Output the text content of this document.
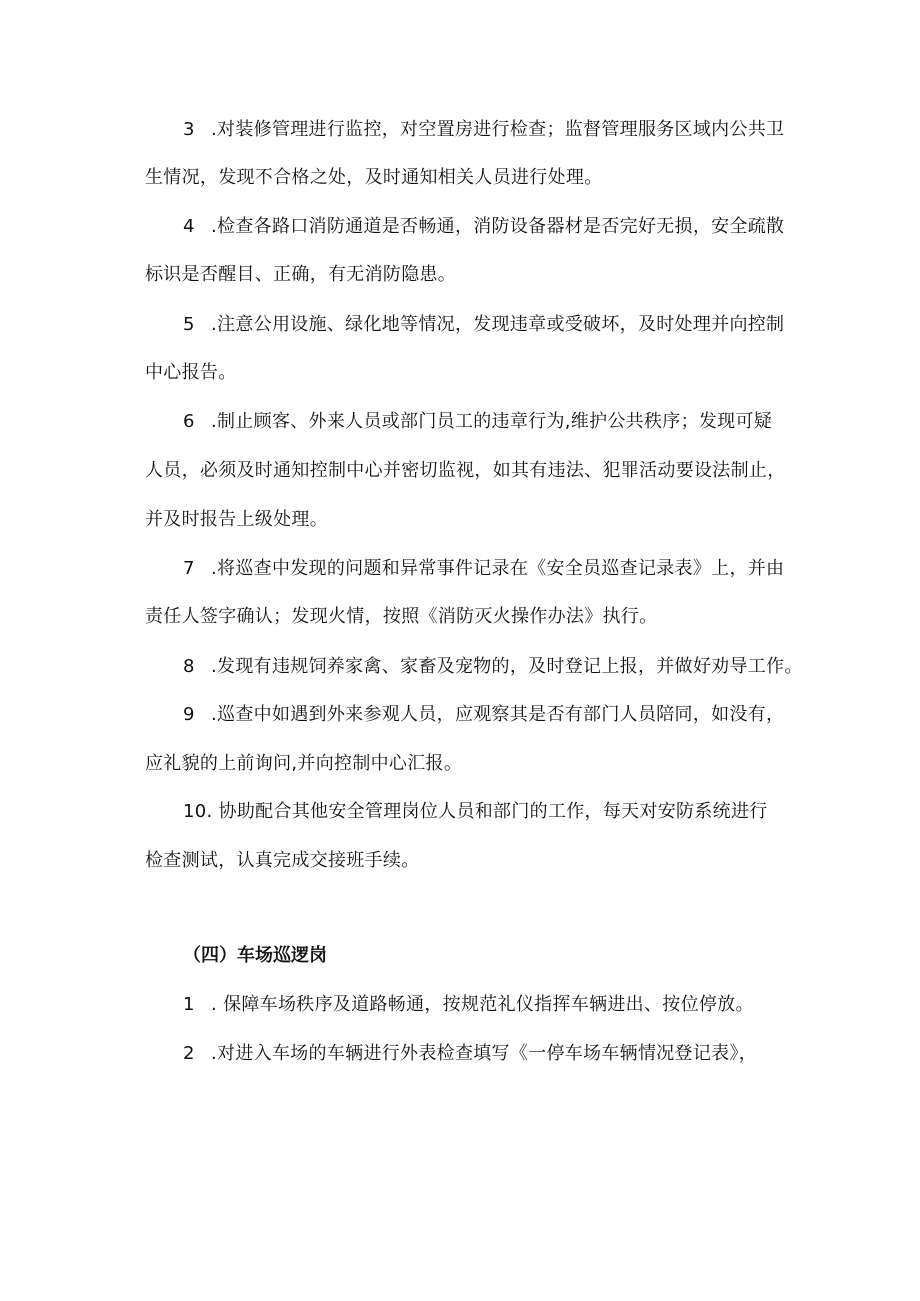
3 .对装修管理进行监控，对空置房进行检查；监督管理服务区域内公共卫
生情况，发现不合格之处，及时通知相关人员进行处理。
4 .检查各路口消防通道是否畅通，消防设备器材是否完好无损，安全疏散
标识是否醒目、正确，有无消防隐患。
5 .注意公用设施、绿化地等情况，发现违章或受破坏，及时处理并向控制
中心报告。
6 .制止顾客、外来人员或部门员工的违章行为,维护公共秩序；发现可疑
人员，必须及时通知控制中心并密切监视，如其有违法、犯罪活动要设法制止，
并及时报告上级处理。
7 .将巡查中发现的问题和异常事件记录在《安全员巡查记录表》上，并由
责任人签字确认；发现火情，按照《消防灭火操作办法》执行。
8 .发现有违规饲养家禽、家畜及宠物的，及时登记上报，并做好劝导工作。
9 .巡查中如遇到外来参观人员，应观察其是否有部门人员陪同，如没有，
应礼貌的上前询问,并向控制中心汇报。
10. 协助配合其他安全管理岗位人员和部门的工作，每天对安防系统进行
检查测试，认真完成交接班手续。
（四）车场巡逻岗
1 . 保障车场秩序及道路畅通，按规范礼仪指挥车辆进出、按位停放。
2 .对进入车场的车辆进行外表检查填写《一停车场车辆情况登记表》，
